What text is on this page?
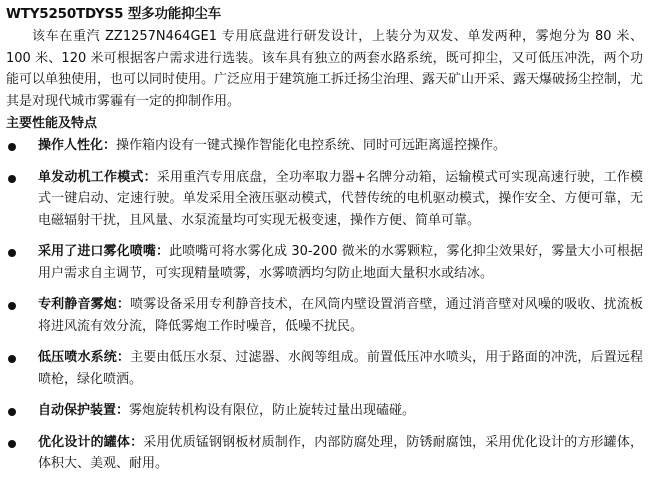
WTY5250TDYS5 型多功能抑尘车

该车在重汽 ZZ1257N464GE1 专用底盘进行研发设计，上装分为双发、单发两种，雾炮分为 80 米、100 米、120 米可根据客户需求进行选装。该车具有独立的两套水路系统，既可抑尘，又可低压冲洗，两个功能可以单独使用，也可以同时使用。广泛应用于建筑施工拆迁扬尘治理、露天矿山开采、露天爆破扬尘控制，尤其是对现代城市雾霾有一定的抑制作用。

主要性能及特点
操作人性化：操作箱内设有一键式操作智能化电控系统、同时可远距离遥控操作。
单发动机工作模式：采用重汽专用底盘，全功率取力器+名牌分动箱，运输模式可实现高速行驶，工作模式一键启动、定速行驶。单发采用全液压驱动模式，代替传统的电机驱动模式，操作安全、方便可靠，无电磁辐射干扰，且风量、水泵流量均可实现无极变速，操作方便、简单可靠。
采用了进口雾化喷嘴：此喷嘴可将水雾化成 30-200 微米的水雾颗粒，雾化抑尘效果好，雾量大小可根据用户需求自主调节，可实现精量喷雾，水雾喷洒均匀防止地面大量积水或结冰。
专利静音雾炮：喷雾设备采用专利静音技术，在风筒内壁设置消音壁，通过消音壁对风噪的吸收、扰流板将进风流有效分流，降低雾炮工作时噪音，低噪不扰民。
低压喷水系统：主要由低压水泵、过滤器、水阀等组成。前置低压冲水喷头，用于路面的冲洗，后置远程喷枪，绿化喷洒。
自动保护装置：雾炮旋转机构设有限位，防止旋转过量出现磕碰。
优化设计的罐体：采用优质锰钢钢板材质制作，内部防腐处理，防锈耐腐蚀，采用优化设计的方形罐体，体积大、美观、耐用。
